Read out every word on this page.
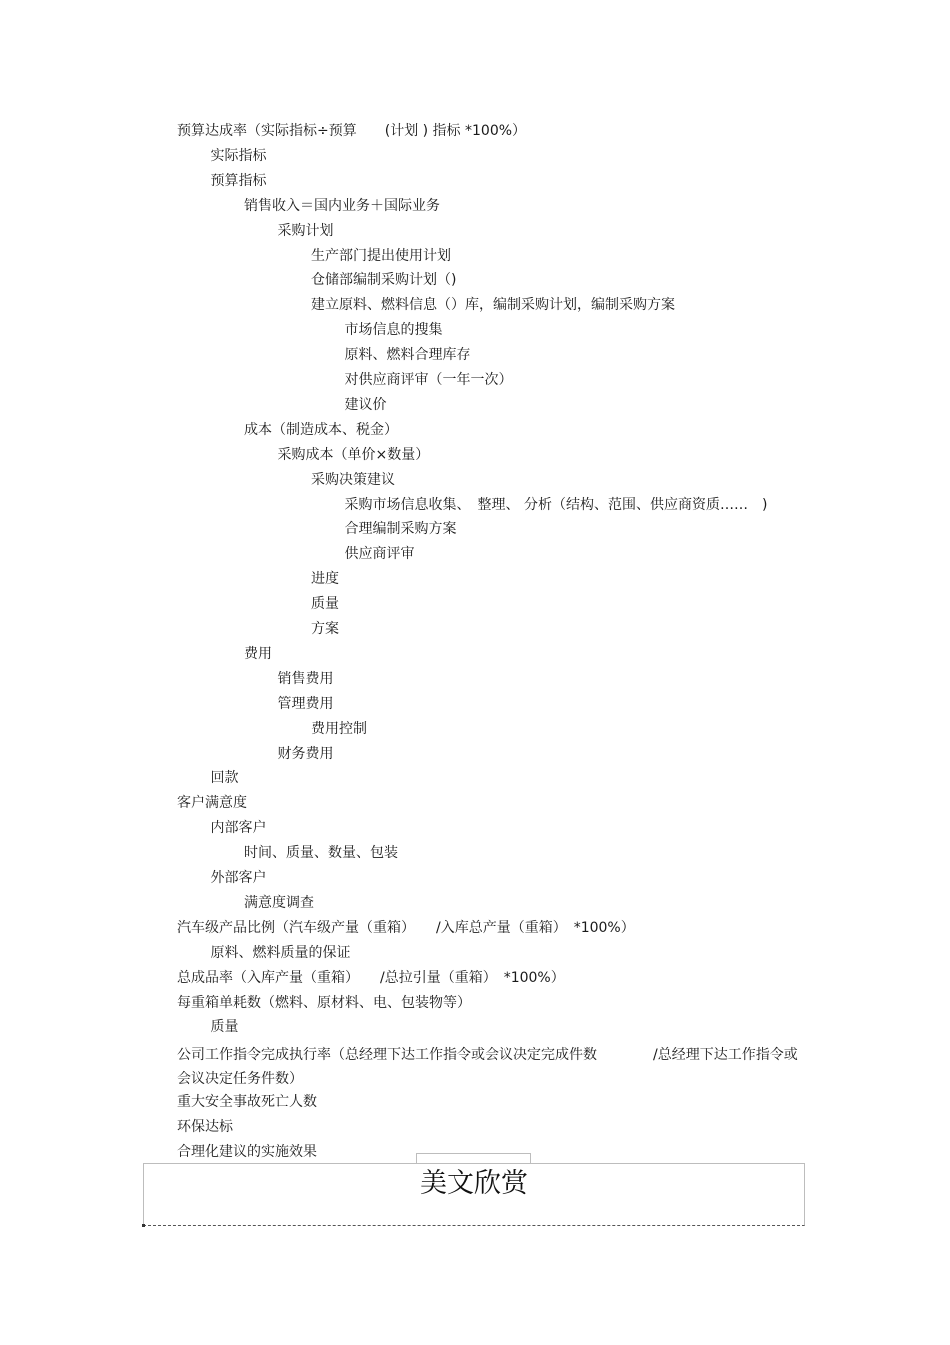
预算达成率（实际指标÷预算　　(计划 ) 指标 *100%）
实际指标
预算指标
销售收入＝国内业务＋国际业务
采购计划
生产部门提出使用计划
仓储部编制采购计划（)
建立原料、燃料信息（）库，编制采购计划，编制采购方案
市场信息的搜集
原料、燃料合理库存
对供应商评审（一年一次）
建议价
成本（制造成本、税金）
采购成本（单价×数量）
采购决策建议
采购市场信息收集、　整理、 分析（结构、范围、供应商资质……　)
合理编制采购方案
供应商评审
进度
质量
方案
费用
销售费用
管理费用
费用控制
财务费用
回款
客户满意度
内部客户
时间、质量、数量、包装
外部客户
满意度调查
汽车级产品比例（汽车级产量（重箱）　　/入库总产量（重箱）　*100%）
原料、燃料质量的保证
总成品率（入库产量（重箱）　　/总拉引量（重箱）　*100%）
每重箱单耗数（燃料、原材料、电、包装物等）
质量
公司工作指令完成执行率（总经理下达工作指令或会议决定完成件数　　　　/总经理下达工作指令或会议决定任务件数）
重大安全事故死亡人数
环保达标
合理化建议的实施效果
美文欣赏
